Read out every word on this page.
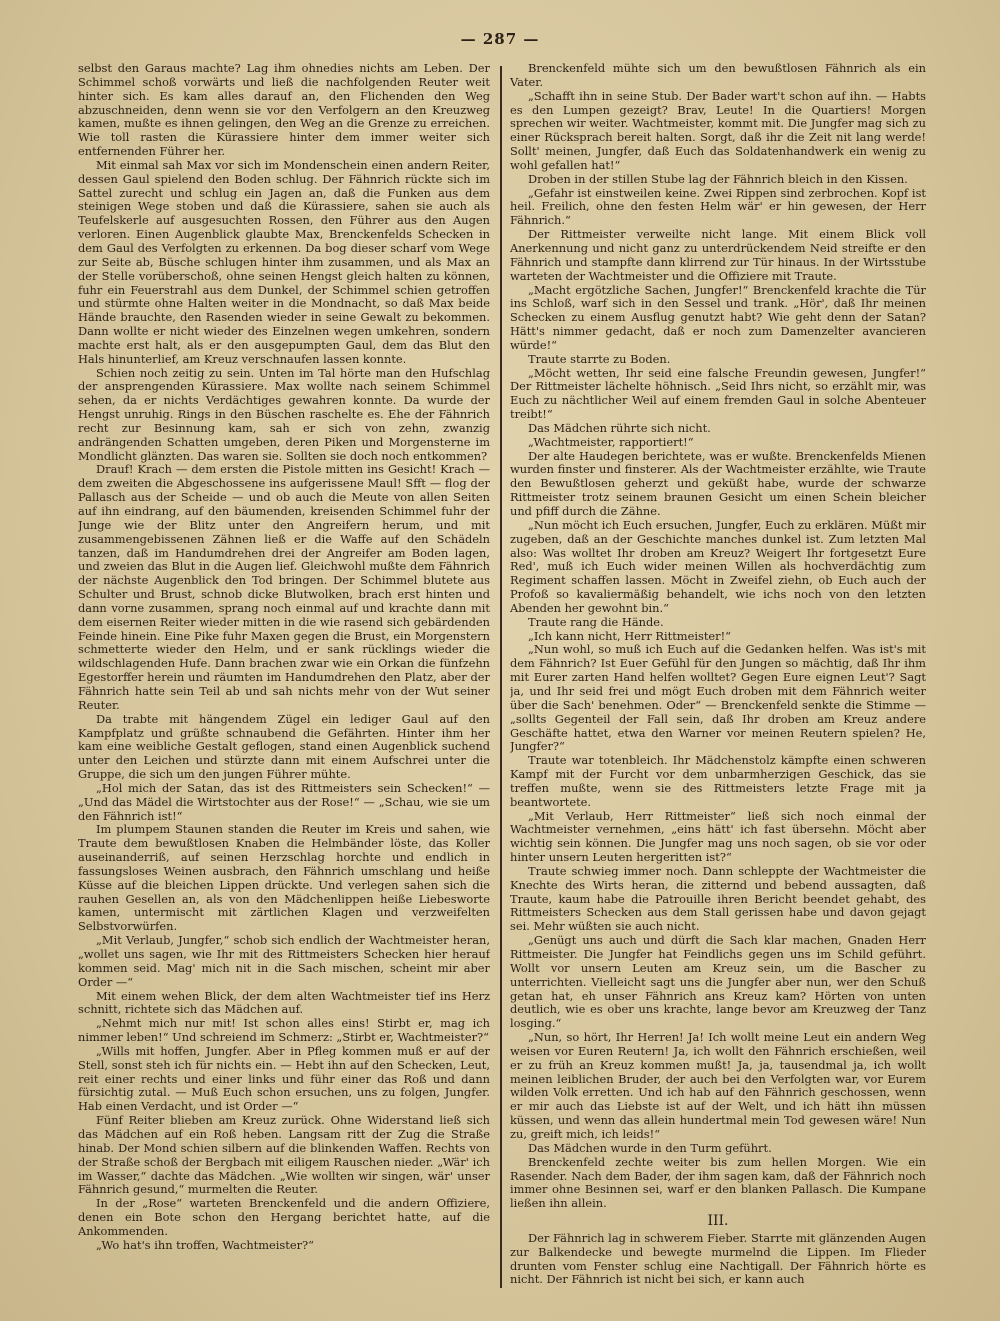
— 287 —

selbst den Garaus machte? Lag ihm ohnedies nichts am Leben. Der Schimmel schoß vorwärts und ließ die nachfolgenden Reuter weit hinter sich. Es kam alles darauf an, den Flichenden den Weg abzuschneiden, denn wenn sie vor den Verfolgern an den Kreuzweg kamen, mußte es ihnen gelingen, den Weg an die Grenze zu erreichen. Wie toll rasten die Kürassiere hinter dem immer weiter sich entfernenden Führer her.

Mit einmal sah Max vor sich im Mondenschein einen andern Reiter, dessen Gaul spielend den Boden schlug. Der Fähnrich rückte sich im Sattel zurecht und schlug ein Jagen an, daß die Funken aus dem steinigen Wege stoben und daß die Kürassiere, sahen sie auch als Teufelskerle auf ausgesuchten Rossen, den Führer aus den Augen verloren. Einen Augenblick glaubte Max, Brenckenfelds Schecken in dem Gaul des Verfolgten zu erkennen. Da bog dieser scharf vom Wege zur Seite ab, Büsche schlugen hinter ihm zusammen, und als Max an der Stelle vorüberschoß, ohne seinen Hengst gleich halten zu können, fuhr ein Feuerstrahl aus dem Dunkel, der Schimmel schien getroffen und stürmte ohne Halten weiter in die Mondnacht, so daß Max beide Hände brauchte, den Rasenden wieder in seine Gewalt zu bekommen. Dann wollte er nicht wieder des Einzelnen wegen umkehren, sondern machte erst halt, als er den ausgepumpten Gaul, dem das Blut den Hals hinunterlief, am Kreuz verschnaufen lassen konnte.

Schien noch zeitig zu sein. Unten im Tal hörte man den Hufschlag der ansprengenden Kürassiere. Max wollte nach seinem Schimmel sehen, da er nichts Verdächtiges gewahren konnte. Da wurde der Hengst unruhig. Rings in den Büschen raschelte es. Ehe der Fähnrich recht zur Besinnung kam, sah er sich von zehn, zwanzig andrängenden Schatten umgeben, deren Piken und Morgensterne im Mondlicht glänzten. Das waren sie. Sollten sie doch noch entkommen?

Drauf! Krach — dem ersten die Pistole mitten ins Gesicht! Krach — dem zweiten die Abgeschossene ins aufgerissene Maul! Sfft — flog der Pallasch aus der Scheide — und ob auch die Meute von allen Seiten auf ihn eindrang, auf den bäumenden, kreisenden Schimmel fuhr der Junge wie der Blitz unter den Angreifern herum, und mit zusammengebissenen Zähnen ließ er die Waffe auf den Schädeln tanzen, daß im Handumdrehen drei der Angreifer am Boden lagen, und zweien das Blut in die Augen lief. Gleichwohl mußte dem Fähnrich der nächste Augenblick den Tod bringen. Der Schimmel blutete aus Schulter und Brust, schnob dicke Blutwolken, brach erst hinten und dann vorne zusammen, sprang noch einmal auf und krachte dann mit dem eisernen Reiter wieder mitten in die wie rasend sich gebärdenden Feinde hinein. Eine Pike fuhr Maxen gegen die Brust, ein Morgenstern schmetterte wieder den Helm, und er sank rücklings wieder die wildschlagenden Hufe. Dann brachen zwar wie ein Orkan die fünfzehn Egestorffer herein und räumten im Handumdrehen den Platz, aber der Fähnrich hatte sein Teil ab und sah nichts mehr von der Wut seiner Reuter.

Da trabte mit hängendem Zügel ein lediger Gaul auf den Kampfplatz und grüßte schnaubend die Gefährten. Hinter ihm her kam eine weibliche Gestalt geflogen, stand einen Augenblick suchend unter den Leichen und stürzte dann mit einem Aufschrei unter die Gruppe, die sich um den jungen Führer mühte.

„Hol mich der Satan, das ist des Rittmeisters sein Schecken!“ — „Und das Mädel die Wirtstochter aus der Rose!“ — „Schau, wie sie um den Fähnrich ist!“

Im plumpem Staunen standen die Reuter im Kreis und sahen, wie Traute dem bewußtlosen Knaben die Helmbänder löste, das Koller auseinanderriß, auf seinen Herzschlag horchte und endlich in fassungsloses Weinen ausbrach, den Fähnrich umschlang und heiße Küsse auf die bleichen Lippen drückte. Und verlegen sahen sich die rauhen Gesellen an, als von den Mädchenlippen heiße Liebesworte kamen, untermischt mit zärtlichen Klagen und verzweifelten Selbstvorwürfen.

„Mit Verlaub, Jungfer,“ schob sich endlich der Wachtmeister heran, „wollet uns sagen, wie Ihr mit des Rittmeisters Schecken hier herauf kommen seid. Mag' mich nit in die Sach mischen, scheint mir aber Order —“

Mit einem wehen Blick, der dem alten Wachtmeister tief ins Herz schnitt, richtete sich das Mädchen auf.

„Nehmt mich nur mit! Ist schon alles eins! Stirbt er, mag ich nimmer leben!“ Und schreiend im Schmerz: „Stirbt er, Wachtmeister?“

„Wills mit hoffen, Jungfer. Aber in Pfleg kommen muß er auf der Stell, sonst steh ich für nichts ein. — Hebt ihn auf den Schecken, Leut, reit einer rechts und einer links und führ einer das Roß und dann fürsichtig zutal. — Muß Euch schon ersuchen, uns zu folgen, Jungfer. Hab einen Verdacht, und ist Order —“

Fünf Reiter blieben am Kreuz zurück. Ohne Widerstand ließ sich das Mädchen auf ein Roß heben. Langsam ritt der Zug die Straße hinab. Der Mond schien silbern auf die blinkenden Waffen. Rechts von der Straße schoß der Bergbach mit eiligem Rauschen nieder. „Wär' ich im Wasser,“ dachte das Mädchen. „Wie wollten wir singen, wär' unser Fähnrich gesund,“ murmelten die Reuter.

In der „Rose“ warteten Brenckenfeld und die andern Offiziere, denen ein Bote schon den Hergang berichtet hatte, auf die Ankommenden.

„Wo hat's ihn troffen, Wachtmeister?“

Brenckenfeld mühte sich um den bewußtlosen Fähnrich als ein Vater.

„Schafft ihn in seine Stub. Der Bader wart't schon auf ihn. — Habts es den Lumpen gezeigt? Brav, Leute! In die Quartiers! Morgen sprechen wir weiter. Wachtmeister, kommt mit. Die Jungfer mag sich zu einer Rücksprach bereit halten. Sorgt, daß ihr die Zeit nit lang werde! Sollt' meinen, Jungfer, daß Euch das Soldatenhandwerk ein wenig zu wohl gefallen hat!“

Droben in der stillen Stube lag der Fähnrich bleich in den Kissen.

„Gefahr ist einstweilen keine. Zwei Rippen sind zerbrochen. Kopf ist heil. Freilich, ohne den festen Helm wär' er hin gewesen, der Herr Fähnrich.“

Der Rittmeister verweilte nicht lange. Mit einem Blick voll Anerkennung und nicht ganz zu unterdrückendem Neid streifte er den Fähnrich und stampfte dann klirrend zur Tür hinaus. In der Wirtsstube warteten der Wachtmeister und die Offiziere mit Traute.

„Macht ergötzliche Sachen, Jungfer!“ Brenckenfeld krachte die Tür ins Schloß, warf sich in den Sessel und trank. „Hör', daß Ihr meinen Schecken zu einem Ausflug genutzt habt? Wie geht denn der Satan? Hätt's nimmer gedacht, daß er noch zum Damenzelter avancieren würde!“

Traute starrte zu Boden.

„Möcht wetten, Ihr seid eine falsche Freundin gewesen, Jungfer!“ Der Rittmeister lächelte höhnisch. „Seid Ihrs nicht, so erzählt mir, was Euch zu nächtlicher Weil auf einem fremden Gaul in solche Abenteuer treibt!“

Das Mädchen rührte sich nicht.

„Wachtmeister, rapportiert!“

Der alte Haudegen berichtete, was er wußte. Brenckenfelds Mienen wurden finster und finsterer. Als der Wachtmeister erzählte, wie Traute den Bewußtlosen geherzt und geküßt habe, wurde der schwarze Rittmeister trotz seinem braunen Gesicht um einen Schein bleicher und pfiff durch die Zähne.

„Nun möcht ich Euch ersuchen, Jungfer, Euch zu erklären. Müßt mir zugeben, daß an der Geschichte manches dunkel ist. Zum letzten Mal also: Was wolltet Ihr droben am Kreuz? Weigert Ihr fortgesetzt Eure Red', muß ich Euch wider meinen Willen als hochverdächtig zum Regiment schaffen lassen. Möcht in Zweifel ziehn, ob Euch auch der Profoß so kavaliermäßig behandelt, wie ichs noch von den letzten Abenden her gewohnt bin.“

Traute rang die Hände.

„Ich kann nicht, Herr Rittmeister!“

„Nun wohl, so muß ich Euch auf die Gedanken helfen. Was ist's mit dem Fähnrich? Ist Euer Gefühl für den Jungen so mächtig, daß Ihr ihm mit Eurer zarten Hand helfen wolltet? Gegen Eure eignen Leut'? Sagt ja, und Ihr seid frei und mögt Euch droben mit dem Fähnrich weiter über die Sach' benehmen. Oder“ — Brenckenfeld senkte die Stimme — „sollts Gegenteil der Fall sein, daß Ihr droben am Kreuz andere Geschäfte hattet, etwa den Warner vor meinen Reutern spielen? He, Jungfer?“

Traute war totenbleich. Ihr Mädchenstolz kämpfte einen schweren Kampf mit der Furcht vor dem unbarmherzigen Geschick, das sie treffen mußte, wenn sie des Rittmeisters letzte Frage mit ja beantwortete.

„Mit Verlaub, Herr Rittmeister“ ließ sich noch einmal der Wachtmeister vernehmen, „eins hätt' ich fast übersehn. Möcht aber wichtig sein können. Die Jungfer mag uns noch sagen, ob sie vor oder hinter unsern Leuten hergeritten ist?“

Traute schwieg immer noch. Dann schleppte der Wachtmeister die Knechte des Wirts heran, die zitternd und bebend aussagten, daß Traute, kaum habe die Patrouille ihren Bericht beendet gehabt, des Rittmeisters Schecken aus dem Stall gerissen habe und davon gejagt sei. Mehr wüßten sie auch nicht.

„Genügt uns auch und dürft die Sach klar machen, Gnaden Herr Rittmeister. Die Jungfer hat Feindlichs gegen uns im Schild geführt. Wollt vor unsern Leuten am Kreuz sein, um die Bascher zu unterrichten. Vielleicht sagt uns die Jungfer aber nun, wer den Schuß getan hat, eh unser Fähnrich ans Kreuz kam? Hörten von unten deutlich, wie es ober uns krachte, lange bevor am Kreuzweg der Tanz losging.“

„Nun, so hört, Ihr Herren! Ja! Ich wollt meine Leut ein andern Weg weisen vor Euren Reutern! Ja, ich wollt den Fähnrich erschießen, weil er zu früh an Kreuz kommen mußt! Ja, ja, tausendmal ja, ich wollt meinen leiblichen Bruder, der auch bei den Verfolgten war, vor Eurem wilden Volk erretten. Und ich hab auf den Fähnrich geschossen, wenn er mir auch das Liebste ist auf der Welt, und ich hätt ihn müssen küssen, und wenn das allein hundertmal mein Tod gewesen wäre! Nun zu, greift mich, ich leids!“

Das Mädchen wurde in den Turm geführt.

Brenckenfeld zechte weiter bis zum hellen Morgen. Wie ein Rasender. Nach dem Bader, der ihm sagen kam, daß der Fähnrich noch immer ohne Besinnen sei, warf er den blanken Pallasch. Die Kumpane ließen ihn allein.

III.

Der Fähnrich lag in schwerem Fieber. Starrte mit glänzenden Augen zur Balkendecke und bewegte murmelnd die Lippen. Im Flieder drunten vom Fenster schlug eine Nachtigall. Der Fähnrich hörte es nicht. Der Fähnrich ist nicht bei sich, er kann auch
